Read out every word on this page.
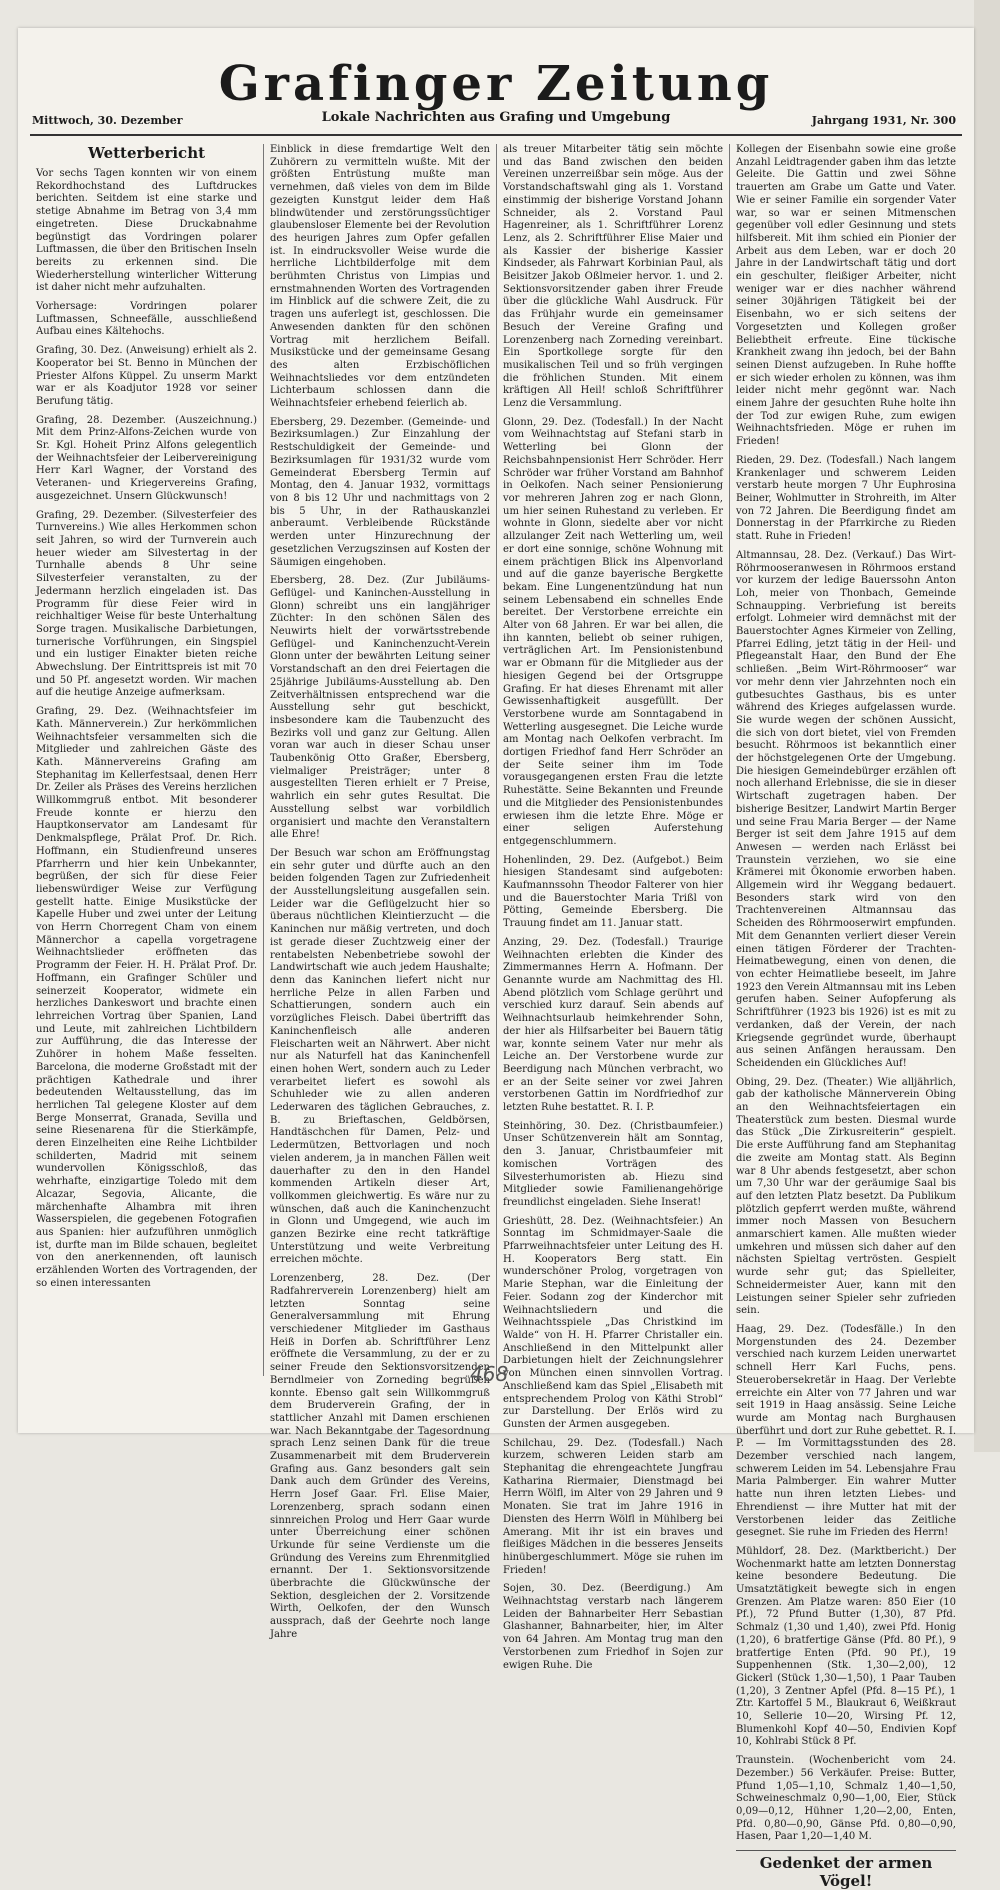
Grafinger Zeitung
Mittwoch, 30. Dezember	Lokale Nachrichten aus Grafing und Umgebung	Jahrgang 1931, Nr. 300
Wetterbericht

Vor sechs Tagen konnten wir von einem Rekordhochstand des Luftdruckes berichten. Seitdem ist eine starke und stetige Abnahme im Betrag von 3,4 mm eingetreten. Diese Druckabnahme begünstigt das Vordringen polarer Luftmassen, die über den Britischen Inseln bereits zu erkennen sind. Die Wiederherstellung winterlicher Witterung ist daher nicht mehr aufzuhalten.

Vorhersage: Vordringen polarer Luftmassen, Schneefälle, ausschließend Aufbau eines Kältehochs.

Grafing, 30. Dez. (Anweisung) erhielt als 2. Kooperator bei St. Benno in München der Priester Alfons Küppel. Zu unserm Markt war er als Koadjutor 1928 vor seiner Berufung tätig.

Grafing, 28. Dezember. (Auszeichnung.) Mit dem Prinz-Alfons-Zeichen wurde von Sr. Kgl. Hoheit Prinz Alfons gelegentlich der Weihnachtsfeier der Leibervereinigung Herr Karl Wagner, der Vorstand des Veteranen- und Kriegervereins Grafing, ausgezeichnet. Unsern Glückwunsch!

Grafing, 29. Dezember. (Silvesterfeier des Turnvereins.) Wie alles Herkommen schon seit Jahren, so wird der Turnverein auch heuer wieder am Silvestertag in der Turnhalle abends 8 Uhr seine Silvesterfeier veranstalten, zu der Jedermann herzlich eingeladen ist. Das Programm für diese Feier wird in reichhaltiger Weise für beste Unterhaltung Sorge tragen. Musikalische Darbietungen, turnerische Vorführungen, ein Singspiel und ein lustiger Einakter bieten reiche Abwechslung. Der Eintrittspreis ist mit 70 und 50 Pf. angesetzt worden. Wir machen auf die heutige Anzeige aufmerksam.

Grafing, 29. Dez. (Weihnachtsfeier im Kath. Männerverein.) Zur herkömmlichen Weihnachtsfeier versammelten sich die Mitglieder und zahlreichen Gäste des Kath. Männervereins Grafing am Stephanitag im Kellerfestsaal, denen Herr Dr. Zeiler als Präses des Vereins herzlichen Willkommgruß entbot. Mit besonderer Freude konnte er hierzu den Hauptkonservator am Landesamt für Denkmalspflege, Prälat Prof. Dr. Rich. Hoffmann, ein Studienfreund unseres Pfarrherrn und hier kein Unbekannter, begrüßen, der sich für diese Feier liebenswürdiger Weise zur Verfügung gestellt hatte. Einige Musikstücke der Kapelle Huber und zwei unter der Leitung von Herrn Chorregent Cham von einem Männerchor a capella vorgetragene Weihnachtslieder eröffneten das Programm der Feier. H. H. Prälat Prof. Dr. Hoffmann, ein Grafinger Schüler und seinerzeit Kooperator, widmete ein herzliches Dankeswort und brachte einen lehrreichen Vortrag über Spanien, Land und Leute, mit zahlreichen Lichtbildern zur Aufführung, die das Interesse der Zuhörer in hohem Maße fesselten. Barcelona, die moderne Großstadt mit der prächtigen Kathedrale und ihrer bedeutenden Weltausstellung, das im herrlichen Tal gelegene Kloster auf dem Berge Monserrat, Granada, Sevilla und seine Riesenarena für die Stierkämpfe, deren Einzelheiten eine Reihe Lichtbilder schilderten, Madrid mit seinem wundervollen Königsschloß, das wehrhafte, einzigartige Toledo mit dem Alcazar, Segovia, Alicante, die märchenhafte Alhambra mit ihren Wasserspielen, die gegebenen Fotografien aus Spanien: hier aufzuführen unmöglich ist, durfte man im Bilde schauen, begleitet von den anerkennenden, oft launisch erzählenden Worten des Vortragenden, der so einen interessanten

Einblick in diese fremdartige Welt den Zuhörern zu vermitteln wußte. Mit der größten Entrüstung mußte man vernehmen, daß vieles von dem im Bilde gezeigten Kunstgut leider dem Haß blindwütender und zerstörungssüchtiger glaubensloser Elemente bei der Revolution des heurigen Jahres zum Opfer gefallen ist. In eindrucksvoller Weise wurde die herrliche Lichtbilderfolge mit dem berühmten Christus von Limpias und ernstmahnenden Worten des Vortragenden im Hinblick auf die schwere Zeit, die zu tragen uns auferlegt ist, geschlossen. Die Anwesenden dankten für den schönen Vortrag mit herzlichem Beifall. Musikstücke und der gemeinsame Gesang des alten Erzbischöflichen Weihnachtsliedes vor dem entzündeten Lichterbaum schlossen dann die Weihnachtsfeier erhebend feierlich ab.

Ebersberg, 29. Dezember. (Gemeinde- und Bezirksumlagen.) Zur Einzahlung der Restschuldigkeit der Gemeinde- und Bezirksumlagen für 1931/32 wurde vom Gemeinderat Ebersberg Termin auf Montag, den 4. Januar 1932, vormittags von 8 bis 12 Uhr und nachmittags von 2 bis 5 Uhr, in der Rathauskanzlei anberaumt. Verbleibende Rückstände werden unter Hinzurechnung der gesetzlichen Verzugszinsen auf Kosten der Säumigen eingehoben.

Ebersberg, 28. Dez. (Zur Jubiläums-Geflügel- und Kaninchen-Ausstellung in Glonn) schreibt uns ein langjähriger Züchter: In den schönen Sälen des Neuwirts hielt der vorwärtsstrebende Geflügel- und Kaninchenzucht-Verein Glonn unter der bewährten Leitung seiner Vorstandschaft an den drei Feiertagen die 25jährige Jubiläums-Ausstellung ab. Den Zeitverhältnissen entsprechend war die Ausstellung sehr gut beschickt, insbesondere kam die Taubenzucht des Bezirks voll und ganz zur Geltung. Allen voran war auch in dieser Schau unser Taubenkönig Otto Graßer, Ebersberg, vielmaliger Preisträger; unter 8 ausgestellten Tieren erhielt er 7 Preise, wahrlich ein sehr gutes Resultat. Die Ausstellung selbst war vorbildlich organisiert und machte den Veranstaltern alle Ehre!

Der Besuch war schon am Eröffnungstag ein sehr guter und dürfte auch an den beiden folgenden Tagen zur Zufriedenheit der Ausstellungsleitung ausgefallen sein. Leider war die Geflügelzucht hier so überaus nüchtlichen Kleintierzucht — die Kaninchen nur mäßig vertreten, und doch ist gerade dieser Zuchtzweig einer der rentabelsten Nebenbetriebe sowohl der Landwirtschaft wie auch jedem Haushalte; denn das Kaninchen liefert nicht nur herrliche Pelze in allen Farben und Schattierungen, sondern auch ein vorzügliches Fleisch. Dabei übertrifft das Kaninchenfleisch alle anderen Fleischarten weit an Nährwert. Aber nicht nur als Naturfell hat das Kaninchenfell einen hohen Wert, sondern auch zu Leder verarbeitet liefert es sowohl als Schuhleder wie zu allen anderen Lederwaren des täglichen Gebrauches, z. B. zu Brieftaschen, Geldbörsen, Handtäschchen für Damen, Pelz- und Ledermützen, Bettvorlagen und noch vielen anderem, ja in manchen Fällen weit dauerhafter zu den in den Handel kommenden Artikeln dieser Art, vollkommen gleichwertig. Es wäre nur zu wünschen, daß auch die Kaninchenzucht in Glonn und Umgegend, wie auch im ganzen Bezirke eine recht tatkräftige Unterstützung und weite Verbreitung erreichen möchte.

Lorenzenberg, 28. Dez. (Der Radfahrerverein Lorenzenberg) hielt am letzten Sonntag seine Generalversammlung mit Ehrung verschiedener Mitglieder im Gasthaus Heiß in Dorfen ab. Schriftführer Lenz eröffnete die Versammlung, zu der er zu seiner Freude den Sektionsvorsitzenden Berndlmeier von Zorneding begrüßen konnte. Ebenso galt sein Willkommgruß dem Bruderverein Grafing, der in stattlicher Anzahl mit Damen erschienen war. Nach Bekanntgabe der Tagesordnung sprach Lenz seinen Dank für die treue Zusammenarbeit mit dem Bruderverein Grafing aus. Ganz besonders galt sein Dank auch dem Gründer des Vereins, Herrn Josef Gaar. Frl. Elise Maier, Lorenzenberg, sprach sodann einen sinnreichen Prolog und Herr Gaar wurde unter Überreichung einer schönen Urkunde für seine Verdienste um die Gründung des Vereins zum Ehrenmitglied ernannt. Der 1. Sektionsvorsitzende überbrachte die Glückwünsche der Sektion, desgleichen der 2. Vorsitzende Wirth, Oelkofen, der den Wunsch aussprach, daß der Geehrte noch lange Jahre

als treuer Mitarbeiter tätig sein möchte und das Band zwischen den beiden Vereinen unzerreißbar sein möge. Aus der Vorstandschaftswahl ging als 1. Vorstand einstimmig der bisherige Vorstand Johann Schneider, als 2. Vorstand Paul Hagenreiner, als 1. Schriftführer Lorenz Lenz, als 2. Schriftführer Elise Maier und als Kassier der bisherige Kassier Kindseder, als Fahrwart Korbinian Paul, als Beisitzer Jakob Oßlmeier hervor. 1. und 2. Sektionsvorsitzender gaben ihrer Freude über die glückliche Wahl Ausdruck. Für das Frühjahr wurde ein gemeinsamer Besuch der Vereine Grafing und Lorenzenberg nach Zorneding vereinbart. Ein Sportkollege sorgte für den musikalischen Teil und so früh vergingen die fröhlichen Stunden. Mit einem kräftigen All Heil! schloß Schriftführer Lenz die Versammlung.

Glonn, 29. Dez. (Todesfall.) In der Nacht vom Weihnachtstag auf Stefani starb in Wetterling bei Glonn der Reichsbahnpensionist Herr Schröder. Herr Schröder war früher Vorstand am Bahnhof in Oelkofen. Nach seiner Pensionierung vor mehreren Jahren zog er nach Glonn, um hier seinen Ruhestand zu verleben. Er wohnte in Glonn, siedelte aber vor nicht allzulanger Zeit nach Wetterling um, weil er dort eine sonnige, schöne Wohnung mit einem prächtigen Blick ins Alpenvorland und auf die ganze bayerische Bergkette bekam. Eine Lungenentzündung hat nun seinem Lebensabend ein schnelles Ende bereitet. Der Verstorbene erreichte ein Alter von 68 Jahren. Er war bei allen, die ihn kannten, beliebt ob seiner ruhigen, verträglichen Art. Im Pensionistenbund war er Obmann für die Mitglieder aus der hiesigen Gegend bei der Ortsgruppe Grafing. Er hat dieses Ehrenamt mit aller Gewissenhaftigkeit ausgefüllt. Der Verstorbene wurde am Sonntagabend in Wetterling ausgesegnet. Die Leiche wurde am Montag nach Oelkofen verbracht. Im dortigen Friedhof fand Herr Schröder an der Seite seiner ihm im Tode vorausgegangenen ersten Frau die letzte Ruhestätte. Seine Bekannten und Freunde und die Mitglieder des Pensionistenbundes erwiesen ihm die letzte Ehre. Möge er einer seligen Auferstehung entgegenschlummern.

Hohenlinden, 29. Dez. (Aufgebot.) Beim hiesigen Standesamt sind aufgeboten: Kaufmannssohn Theodor Falterer von hier und die Bauerstochter Maria Trißl von Pötting, Gemeinde Ebersberg. Die Trauung findet am 11. Januar statt.

Anzing, 29. Dez. (Todesfall.) Traurige Weihnachten erlebten die Kinder des Zimmermannes Herrn A. Hofmann. Der Genannte wurde am Nachmittag des Hl. Abend plötzlich vom Schlage gerührt und verschied kurz darauf. Sein abends auf Weihnachtsurlaub heimkehrender Sohn, der hier als Hilfsarbeiter bei Bauern tätig war, konnte seinem Vater nur mehr als Leiche an. Der Verstorbene wurde zur Beerdigung nach München verbracht, wo er an der Seite seiner vor zwei Jahren verstorbenen Gattin im Nordfriedhof zur letzten Ruhe bestattet. R. I. P.

Steinhöring, 30. Dez. (Christbaumfeier.) Unser Schützenverein hält am Sonntag, den 3. Januar, Christbaumfeier mit komischen Vorträgen des Silvesterhumoristen ab. Hiezu sind Mitglieder sowie Familienangehörige freundlichst eingeladen. Siehe Inserat!

Grieshütt, 28. Dez. (Weihnachtsfeier.) An Sonntag im Schmidmayer-Saale die Pfarrweihnachtsfeier unter Leitung des H. H. Kooperators Berg statt. Ein wunderschöner Prolog, vorgetragen von Marie Stephan, war die Einleitung der Feier. Sodann zog der Kinderchor mit Weihnachtsliedern und die Weihnachtsspiele „Das Christkind im Walde“ von H. H. Pfarrer Christaller ein. Anschließend in den Mittelpunkt aller Darbietungen hielt der Zeichnungslehrer von München einen sinnvollen Vortrag. Anschließend kam das Spiel „Elisabeth mit entsprechendem Prolog von Käthi Strobl“ zur Darstellung. Der Erlös wird zu Gunsten der Armen ausgegeben.

Schilchau, 29. Dez. (Todesfall.) Nach kurzem, schweren Leiden starb am Stephanitag die ehrengeachtete Jungfrau Katharina Riermaier, Dienstmagd bei Herrn Wölfl, im Alter von 29 Jahren und 9 Monaten. Sie trat im Jahre 1916 in Diensten des Herrn Wölfl in Mühlberg bei Amerang. Mit ihr ist ein braves und fleißiges Mädchen in die besseres Jenseits hinübergeschlummert. Möge sie ruhen im Frieden!

Sojen, 30. Dez. (Beerdigung.) Am Weihnachtstag verstarb nach längerem Leiden der Bahnarbeiter Herr Sebastian Glashanner, Bahnarbeiter, hier, im Alter von 64 Jahren. Am Montag trug man den Verstorbenen zum Friedhof in Sojen zur ewigen Ruhe. Die

Kollegen der Eisenbahn sowie eine große Anzahl Leidtragender gaben ihm das letzte Geleite. Die Gattin und zwei Söhne trauerten am Grabe um Gatte und Vater. Wie er seiner Familie ein sorgender Vater war, so war er seinen Mitmenschen gegenüber voll edler Gesinnung und stets hilfsbereit. Mit ihm schied ein Pionier der Arbeit aus dem Leben, war er doch 20 Jahre in der Landwirtschaft tätig und dort ein geschulter, fleißiger Arbeiter, nicht weniger war er dies nachher während seiner 30jährigen Tätigkeit bei der Eisenbahn, wo er sich seitens der Vorgesetzten und Kollegen großer Beliebtheit erfreute. Eine tückische Krankheit zwang ihn jedoch, bei der Bahn seinen Dienst aufzugeben. In Ruhe hoffte er sich wieder erholen zu können, was ihm leider nicht mehr gegönnt war. Nach einem Jahre der gesuchten Ruhe holte ihn der Tod zur ewigen Ruhe, zum ewigen Weihnachtsfrieden. Möge er ruhen im Frieden!

Rieden, 29. Dez. (Todesfall.) Nach langem Krankenlager und schwerem Leiden verstarb heute morgen 7 Uhr Euphrosina Beiner, Wohlmutter in Strohreith, im Alter von 72 Jahren. Die Beerdigung findet am Donnerstag in der Pfarrkirche zu Rieden statt. Ruhe in Frieden!

Altmannsau, 28. Dez. (Verkauf.) Das Wirt-Röhrmooseranwesen in Röhrmoos erstand vor kurzem der ledige Bauerssohn Anton Loh, meier von Thonbach, Gemeinde Schnaupping. Verbriefung ist bereits erfolgt. Lohmeier wird demnächst mit der Bauerstochter Agnes Kirmeier von Zelling, Pfarrei Edling, jetzt tätig in der Heil- und Pflegeanstalt Haar, den Bund der Ehe schließen. „Beim Wirt-Röhrmooser“ war vor mehr denn vier Jahrzehnten noch ein gutbesuchtes Gasthaus, bis es unter während des Krieges aufgelassen wurde. Sie wurde wegen der schönen Aussicht, die sich von dort bietet, viel von Fremden besucht. Röhrmoos ist bekanntlich einer der höchstgelegenen Orte der Umgebung. Die hiesigen Gemeindebürger erzählen oft noch allerhand Erlebnisse, die sie in dieser Wirtschaft zugetragen haben. Der bisherige Besitzer, Landwirt Martin Berger und seine Frau Maria Berger — der Name Berger ist seit dem Jahre 1915 auf dem Anwesen — werden nach Erlässt bei Traunstein verziehen, wo sie eine Krämerei mit Ökonomie erworben haben. Allgemein wird ihr Weggang bedauert. Besonders stark wird von den Trachtenvereinen Altmannsau das Scheiden des Röhrmooserwirt empfunden. Mit dem Genannten verliert dieser Verein einen tätigen Förderer der Trachten-Heimatbewegung, einen von denen, die von echter Heimatliebe beseelt, im Jahre 1923 den Verein Altmannsau mit ins Leben gerufen haben. Seiner Aufopferung als Schriftführer (1923 bis 1926) ist es mit zu verdanken, daß der Verein, der nach Kriegsende gegründet wurde, überhaupt aus seinen Anfängen heraussam. Den Scheidenden ein Glückliches Auf!

Obing, 29. Dez. (Theater.) Wie alljährlich, gab der katholische Männerverein Obing an den Weihnachtsfeiertagen ein Theaterstück zum besten. Diesmal wurde das Stück „Die Zirkusreiterin“ gespielt. Die erste Aufführung fand am Stephanitag die zweite am Montag statt. Als Beginn war 8 Uhr abends festgesetzt, aber schon um 7,30 Uhr war der geräumige Saal bis auf den letzten Platz besetzt. Da Publikum plötzlich gepferrt werden mußte, während immer noch Massen von Besuchern anmarschiert kamen. Alle mußten wieder umkehren und müssen sich daher auf den nächsten Spieltag vertrösten. Gespielt wurde sehr gut; das Spielleiter, Schneidermeister Auer, kann mit den Leistungen seiner Spieler sehr zufrieden sein.

Haag, 29. Dez. (Todesfälle.) In den Morgenstunden des 24. Dezember verschied nach kurzem Leiden unerwartet schnell Herr Karl Fuchs, pens. Steuerobersekretär in Haag. Der Verlebte erreichte ein Alter von 77 Jahren und war seit 1919 in Haag ansässig. Seine Leiche wurde am Montag nach Burghausen überführt und dort zur Ruhe gebettet. R. I. P. — Im Vormittagsstunden des 28. Dezember verschied nach langem, schwerem Leiden im 54. Lebensjahre Frau Maria Palmberger. Ein wahrer Mutter hatte nun ihren letzten Liebes- und Ehrendienst — ihre Mutter hat mit der Verstorbenen leider das Zeitliche gesegnet. Sie ruhe im Frieden des Herrn!

Mühldorf, 28. Dez. (Marktbericht.) Der Wochenmarkt hatte am letzten Donnerstag keine besondere Bedeutung. Die Umsatztätigkeit bewegte sich in engen Grenzen. Am Platze waren: 850 Eier (10 Pf.), 72 Pfund Butter (1,30), 87 Pfd. Schmalz (1,30 und 1,40), zwei Pfd. Honig (1,20), 6 bratfertige Gänse (Pfd. 80 Pf.), 9 bratfertige Enten (Pfd. 90 Pf.), 19 Suppenhennen (Stk. 1,30—2,00), 12 Gickerl (Stück 1,30—1,50), 1 Paar Tauben (1,20), 3 Zentner Apfel (Pfd. 8—15 Pf.), 1 Ztr. Kartoffel 5 M., Blaukraut 6, Weißkraut 10, Sellerie 10—20, Wirsing Pf. 12, Blumenkohl Kopf 40—50, Endivien Kopf 10, Kohlrabi Stück 8 Pf.

Traunstein. (Wochenbericht vom 24. Dezember.) 56 Verkäufer. Preise: Butter, Pfund 1,05—1,10, Schmalz 1,40—1,50, Schweineschmalz 0,90—1,00, Eier, Stück 0,09—0,12, Hühner 1,20—2,00, Enten, Pfd. 0,80—0,90, Gänse Pfd. 0,80—0,90, Hasen, Paar 1,20—1,40 M.

Gedenket der armen Vögel!
468
